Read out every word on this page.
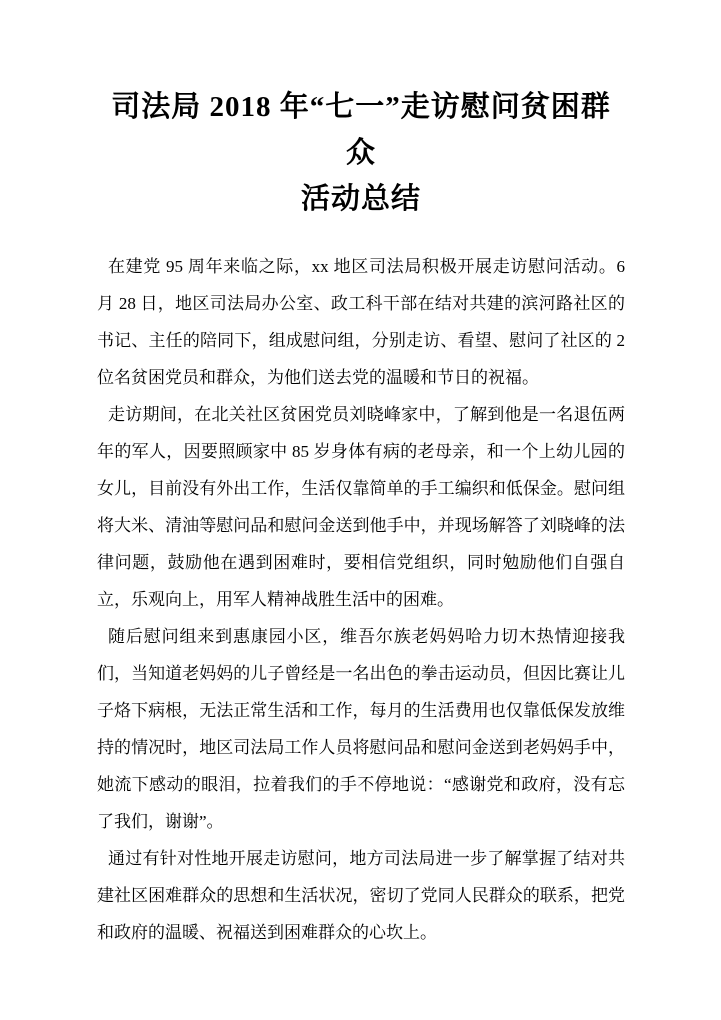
司法局 2018 年“七一”走访慰问贫困群众
活动总结

在建党 95 周年来临之际，xx 地区司法局积极开展走访慰问活动。6 月 28 日，地区司法局办公室、政工科干部在结对共建的滨河路社区的书记、主任的陪同下，组成慰问组，分别走访、看望、慰问了社区的 2 位名贫困党员和群众，为他们送去党的温暖和节日的祝福。

走访期间，在北关社区贫困党员刘晓峰家中，了解到他是一名退伍两年的军人，因要照顾家中 85 岁身体有病的老母亲，和一个上幼儿园的女儿，目前没有外出工作，生活仅靠简单的手工编织和低保金。慰问组将大米、清油等慰问品和慰问金送到他手中，并现场解答了刘晓峰的法律问题，鼓励他在遇到困难时，要相信党组织，同时勉励他们自强自立，乐观向上，用军人精神战胜生活中的困难。

随后慰问组来到惠康园小区，维吾尔族老妈妈哈力切木热情迎接我们，当知道老妈妈的儿子曾经是一名出色的拳击运动员，但因比赛让儿子烙下病根，无法正常生活和工作，每月的生活费用也仅靠低保发放维持的情况时，地区司法局工作人员将慰问品和慰问金送到老妈妈手中，她流下感动的眼泪，拉着我们的手不停地说：“感谢党和政府，没有忘了我们，谢谢”。

通过有针对性地开展走访慰问，地方司法局进一步了解掌握了结对共建社区困难群众的思想和生活状况，密切了党同人民群众的联系，把党和政府的温暖、祝福送到困难群众的心坎上。
